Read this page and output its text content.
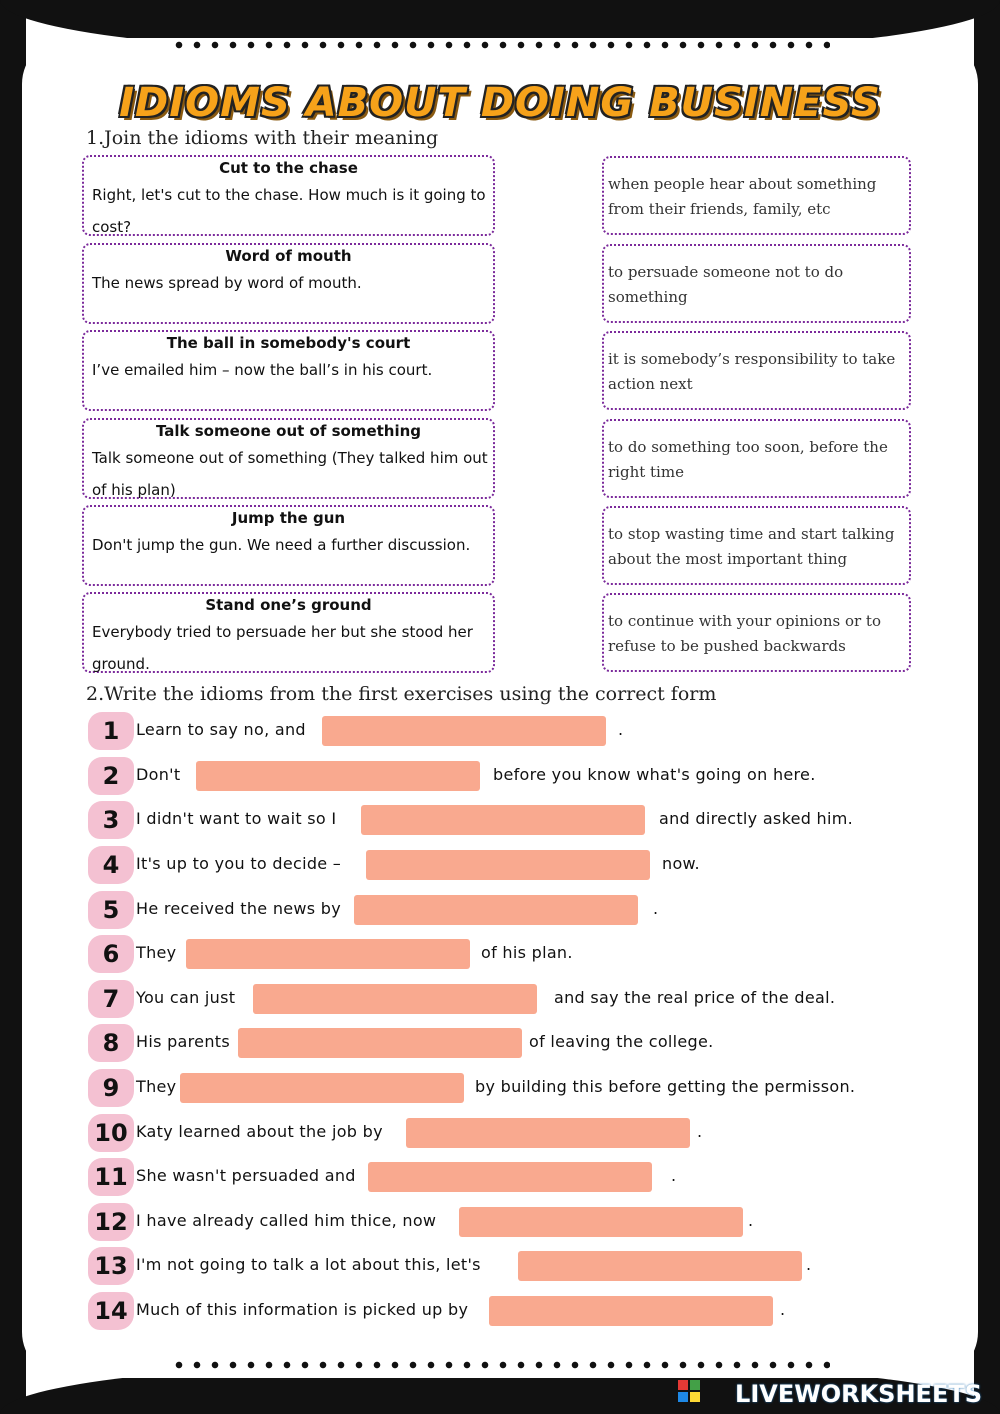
IDIOMS ABOUT DOING BUSINESS
1.Join the idioms with their meaning
Cut to the chase
Right, let's cut to the chase. How much is it going to cost?
Word of mouth
The news spread by word of mouth.
The ball in somebody's court
I’ve emailed him – now the ball’s in his court.
Talk someone out of something
Talk someone out of something (They talked him out of his plan)
Jump the gun
Don't jump the gun. We need a further discussion.
Stand one’s ground
Everybody tried to persuade her but she stood her ground.
when people hear about something from their friends, family, etc
to persuade someone not to do something
it is somebody’s responsibility to take action next
to do something too soon, before the right time
to stop wasting time and start talking about the most important thing
to continue with your opinions or to refuse to be pushed backwards
2.Write the idioms from the first exercises using the correct form
1	Learn to say no, and	.
2	Don't	before you know what's going on here.
3	I didn't want to wait so I	and directly asked him.
4	It's up to you to decide –	now.
5	He received the news by	.
6	They	of his plan.
7	You can just	and say the real price of the deal.
8	His parents	of leaving the college.
9	They	by building this before getting the permisson.
10 Katy learned about the job by	.
11 She wasn't persuaded and	.
12 I have already called him thice, now	.
13 I'm not going to talk a lot about this, let's	.
14 Much of this information is picked up by	.
LIVEWORKSHEETS
